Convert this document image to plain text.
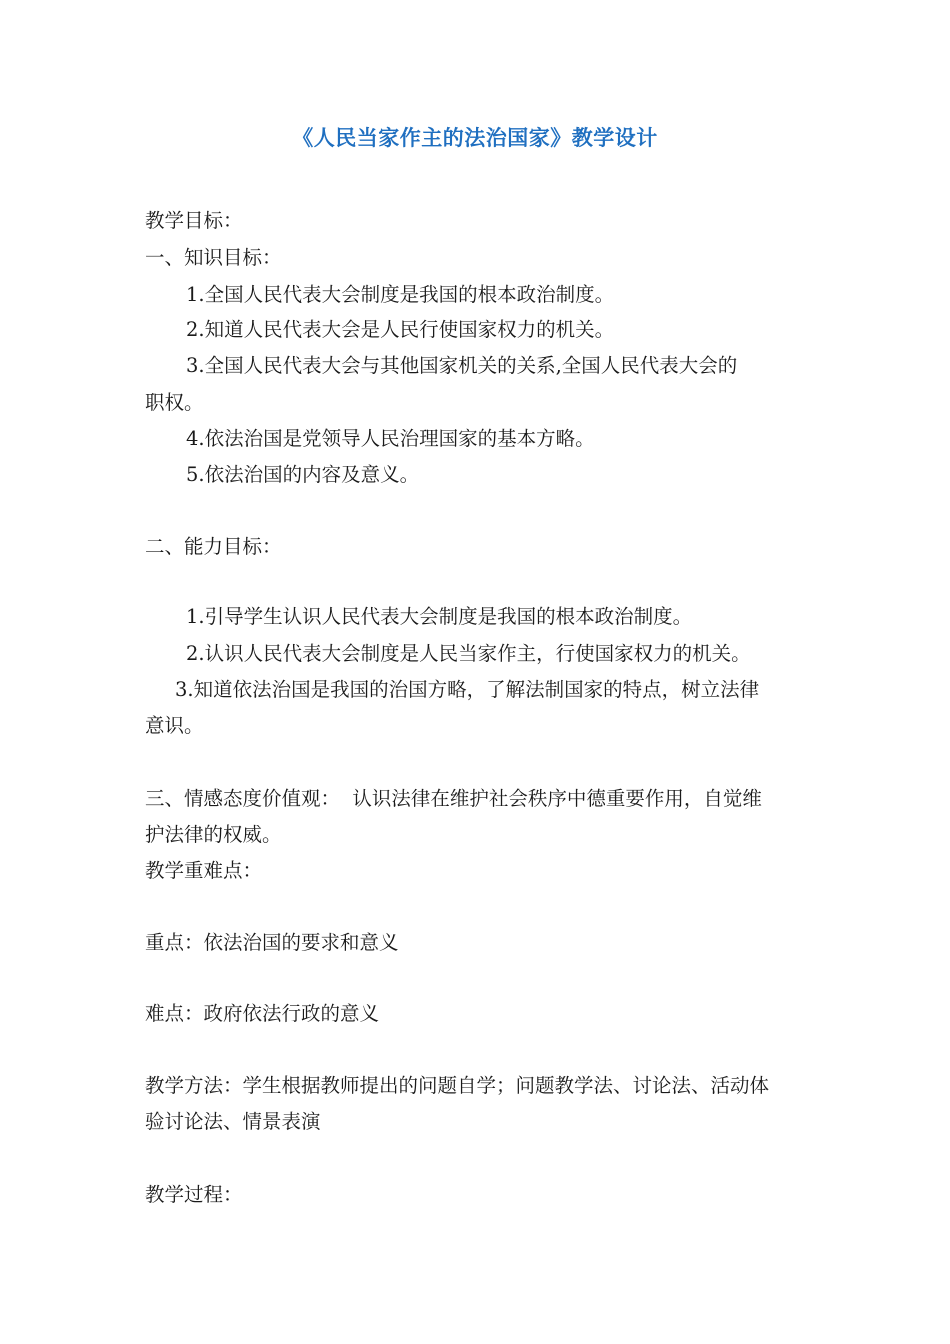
《人民当家作主的法治国家》教学设计
教学目标：
一、知识目标：
1.全国人民代表大会制度是我国的根本政治制度。
2.知道人民代表大会是人民行使国家权力的机关。
3.全国人民代表大会与其他国家机关的关系,全国人民代表大会的
职权。
4.依法治国是党领导人民治理国家的基本方略。
5.依法治国的内容及意义。
二、能力目标：
1.引导学生认识人民代表大会制度是我国的根本政治制度。
2.认识人民代表大会制度是人民当家作主，行使国家权力的机关。
3.知道依法治国是我国的治国方略，了解法制国家的特点，树立法律
意识。
三、情感态度价值观：  认识法律在维护社会秩序中德重要作用，自觉维
护法律的权威。
教学重难点：
重点：依法治国的要求和意义
难点：政府依法行政的意义
教学方法：学生根据教师提出的问题自学；问题教学法、讨论法、活动体
验讨论法、情景表演
教学过程：
